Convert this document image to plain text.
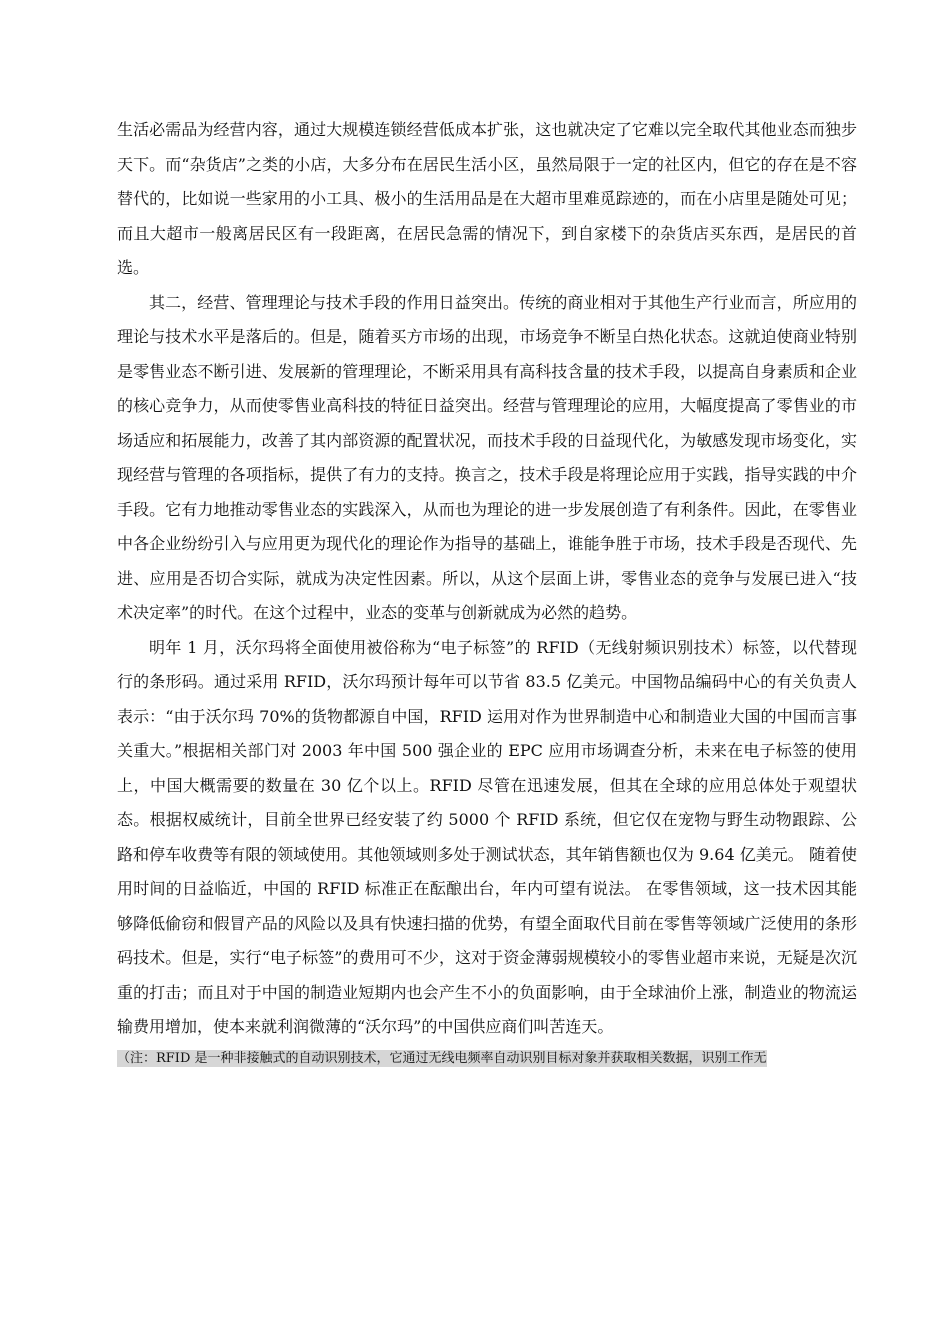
生活必需品为经营内容，通过大规模连锁经营低成本扩张，这也就决定了它难以完全取代其他业态而独步天下。而“杂货店”之类的小店，大多分布在居民生活小区，虽然局限于一定的社区内，但它的存在是不容替代的，比如说一些家用的小工具、极小的生活用品是在大超市里难觅踪迹的，而在小店里是随处可见；而且大超市一般离居民区有一段距离，在居民急需的情况下，到自家楼下的杂货店买东西，是居民的首选。

其二，经营、管理理论与技术手段的作用日益突出。传统的商业相对于其他生产行业而言，所应用的理论与技术水平是落后的。但是，随着买方市场的出现，市场竞争不断呈白热化状态。这就迫使商业特别是零售业态不断引进、发展新的管理理论，不断采用具有高科技含量的技术手段，以提高自身素质和企业的核心竞争力，从而使零售业高科技的特征日益突出。经营与管理理论的应用，大幅度提高了零售业的市场适应和拓展能力，改善了其内部资源的配置状况，而技术手段的日益现代化，为敏感发现市场变化，实现经营与管理的各项指标，提供了有力的支持。换言之，技术手段是将理论应用于实践，指导实践的中介手段。它有力地推动零售业态的实践深入，从而也为理论的进一步发展创造了有利条件。因此，在零售业中各企业纷纷引入与应用更为现代化的理论作为指导的基础上，谁能争胜于市场，技术手段是否现代、先进、应用是否切合实际，就成为决定性因素。所以，从这个层面上讲，零售业态的竞争与发展已进入“技术决定率”的时代。在这个过程中，业态的变革与创新就成为必然的趋势。

明年 1 月，沃尔玛将全面使用被俗称为“电子标签”的 RFID（无线射频识别技术）标签，以代替现行的条形码。通过采用 RFID，沃尔玛预计每年可以节省 83.5 亿美元。中国物品编码中心的有关负责人表示：“由于沃尔玛 70%的货物都源自中国，RFID 运用对作为世界制造中心和制造业大国的中国而言事关重大。”根据相关部门对 2003 年中国 500 强企业的 EPC 应用市场调查分析，未来在电子标签的使用上，中国大概需要的数量在 30 亿个以上。RFID 尽管在迅速发展，但其在全球的应用总体处于观望状态。根据权威统计，目前全世界已经安装了约 5000 个 RFID 系统，但它仅在宠物与野生动物跟踪、公路和停车收费等有限的领域使用。其他领域则多处于测试状态，其年销售额也仅为 9.64 亿美元。 随着使用时间的日益临近，中国的 RFID 标准正在酝酿出台，年内可望有说法。 在零售领域，这一技术因其能够降低偷窃和假冒产品的风险以及具有快速扫描的优势，有望全面取代目前在零售等领域广泛使用的条形码技术。但是，实行“电子标签”的费用可不少，这对于资金薄弱规模较小的零售业超市来说，无疑是次沉重的打击；而且对于中国的制造业短期内也会产生不小的负面影响，由于全球油价上涨，制造业的物流运输费用增加，使本来就利润微薄的“沃尔玛”的中国供应商们叫苦连天。

（注：RFID 是一种非接触式的自动识别技术，它通过无线电频率自动识别目标对象并获取相关数据，识别工作无
